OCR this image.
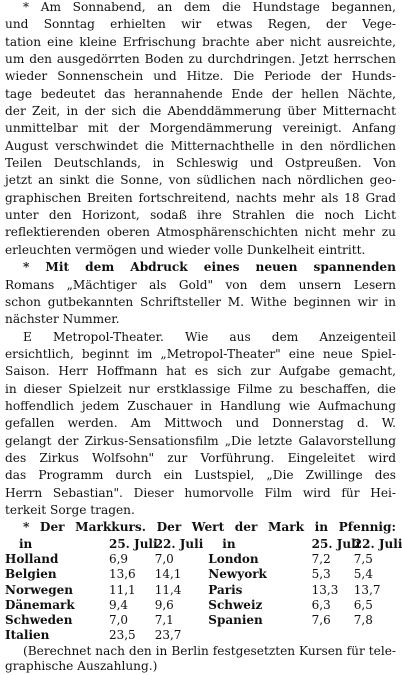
* Am Sonnabend, an dem die Hundstage begannen,
und Sonntag erhielten wir etwas Regen, der Vege-
tation eine kleine Erfrischung brachte aber nicht ausreichte,
um den ausgedörrten Boden zu durchdringen. Jetzt herrschen
wieder Sonnenschein und Hitze. Die Periode der Hunds-
tage bedeutet das herannahende Ende der hellen Nächte,
der Zeit, in der sich die Abenddämmerung über Mitternacht
unmittelbar mit der Morgendämmerung vereinigt. Anfang
August verschwindet die Mitternachthelle in den nördlichen
Teilen Deutschlands, in Schleswig und Ostpreußen. Von
jetzt an sinkt die Sonne, von südlichen nach nördlichen geo-
graphischen Breiten fortschreitend, nachts mehr als 18 Grad
unter den Horizont, sodaß ihre Strahlen die noch Licht
reflektierenden oberen Atmosphärenschichten nicht mehr zu
erleuchten vermögen und wieder volle Dunkelheit eintritt.
* Mit dem Abdruck eines neuen spannenden
Romans „Mächtiger als Gold" von dem unsern Lesern
schon gutbekannten Schriftsteller M. Withe beginnen wir in
nächster Nummer.
E Metropol-Theater. Wie aus dem Anzeigenteil
ersichtlich, beginnt im „Metropol-Theater" eine neue Spiel-
Saison. Herr Hoffmann hat es sich zur Aufgabe gemacht,
in dieser Spielzeit nur erstklassige Filme zu beschaffen, die
hoffendlich jedem Zuschauer in Handlung wie Aufmachung
gefallen werden. Am Mittwoch und Donnerstag d. W.
gelangt der Zirkus-Sensationsfilm „Die letzte Galavorstellung
des Zirkus Wolfsohn" zur Vorführung. Eingeleitet wird
das Programm durch ein Lustspiel, „Die Zwillinge des
Herrn Sebastian". Dieser humorvolle Film wird für Hei-
terkeit Sorge tragen.
* Der Markkurs. Der Wert der Mark in Pfennig:
in	25. Juli	22. Juli	in	25. Juli	22. Juli
Holland	6,9	7,0	London	7,2	7,5
Belgien	13,6	14,1	Newyork	5,3	5,4
Norwegen	11,1	11,4	Paris	13,3	13,7
Dänemark	9,4	9,6	Schweiz	6,3	6,5
Schweden	7,0	7,1	Spanien	7,6	7,8
Italien	23,5	23,7			
(Berechnet nach den in Berlin festgesetzten Kursen für tele-
graphische Auszahlung.)
